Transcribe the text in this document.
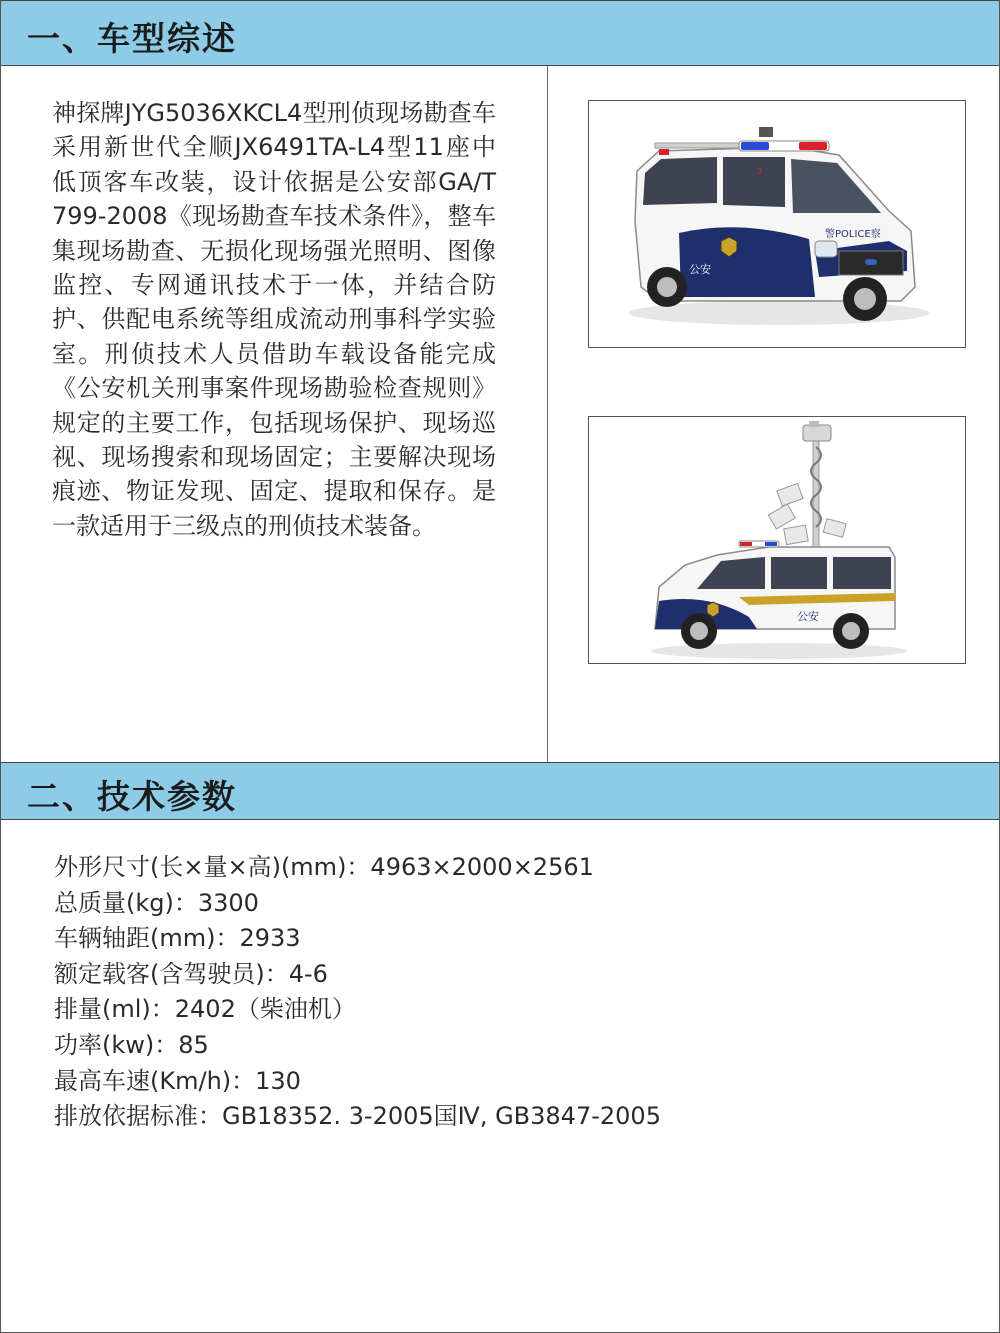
一、车型综述
神探牌JYG5036XKCL4型刑侦现场勘查车采用新世代全顺JX6491TA-L4型11座中低顶客车改装，设计依据是公安部GA/T 799-2008《现场勘查车技术条件》，整车集现场勘查、无损化现场强光照明、图像监控、专网通讯技术于一体，并结合防护、供配电系统等组成流动刑事科学实验室。刑侦技术人员借助车载设备能完成《公安机关刑事案件现场勘验检查规则》规定的主要工作，包括现场保护、现场巡视、现场搜索和现场固定；主要解决现场痕迹、物证发现、固定、提取和保存。是一款适用于三级点的刑侦技术装备。
公安
警POLICE察
3
公安
二、技术参数
外形尺寸(长×量×高)(mm)：4963×2000×2561
总质量(kg)：3300
车辆轴距(mm)：2933
额定载客(含驾驶员)：4-6
排量(ml)：2402（柴油机）
功率(kw)：85
最高车速(Km/h)：130
排放依据标准：GB18352. 3-2005国Ⅳ, GB3847-2005
